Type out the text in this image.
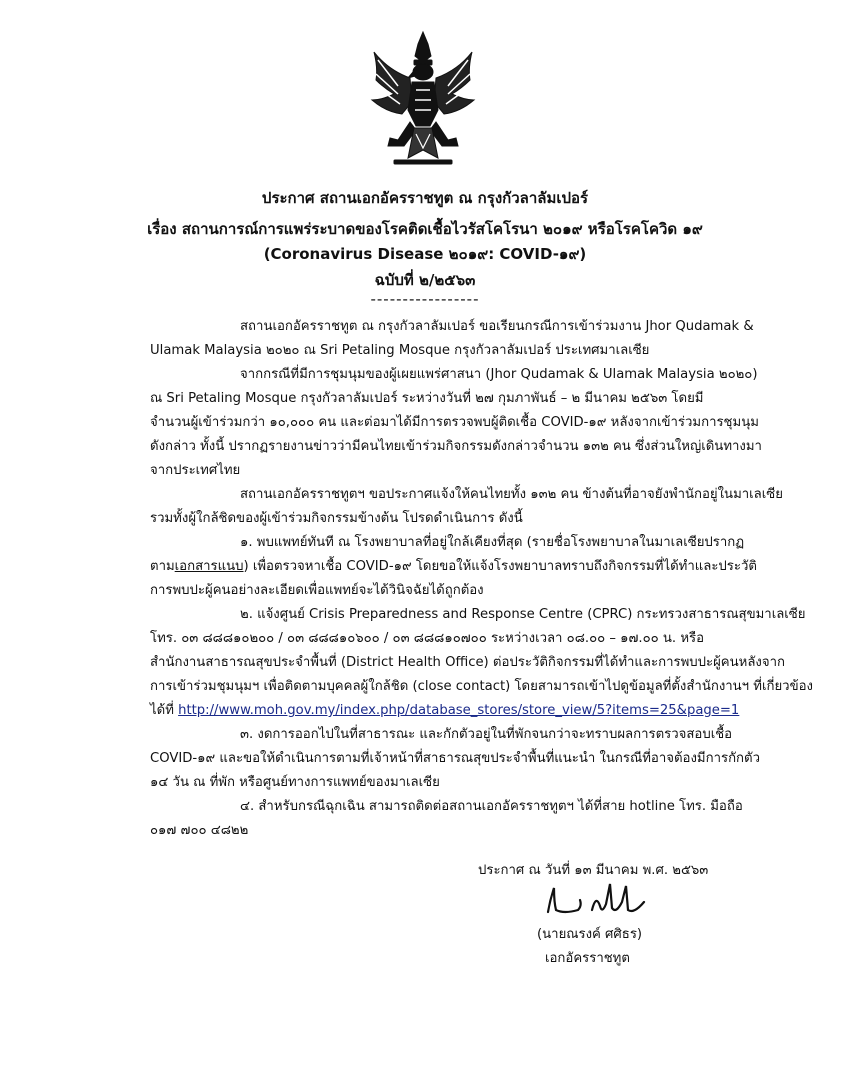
ประกาศ สถานเอกอัครราชทูต ณ กรุงกัวลาลัมเปอร์
เรื่อง สถานการณ์การแพร่ระบาดของโรคติดเชื้อไวรัสโคโรนา ๒๐๑๙ หรือโรคโควิด ๑๙
(Coronavirus Disease ๒๐๑๙: COVID-๑๙)
ฉบับที่ ๒/๒๕๖๓
-----------------
สถานเอกอัครราชทูต ณ กรุงกัวลาลัมเปอร์ ขอเรียนกรณีการเข้าร่วมงาน Jhor Qudamak &
Ulamak Malaysia ๒๐๒๐ ณ Sri Petaling Mosque กรุงกัวลาลัมเปอร์ ประเทศมาเลเซีย
จากกรณีที่มีการชุมนุมของผู้เผยแพร่ศาสนา (Jhor Qudamak & Ulamak Malaysia ๒๐๒๐)
ณ Sri Petaling Mosque กรุงกัวลาลัมเปอร์ ระหว่างวันที่ ๒๗ กุมภาพันธ์ – ๒ มีนาคม ๒๕๖๓ โดยมี
จำนวนผู้เข้าร่วมกว่า ๑๐,๐๐๐ คน และต่อมาได้มีการตรวจพบผู้ติดเชื้อ COVID-๑๙ หลังจากเข้าร่วมการชุมนุม
ดังกล่าว ทั้งนี้ ปรากฏรายงานข่าวว่ามีคนไทยเข้าร่วมกิจกรรมดังกล่าวจำนวน ๑๓๒ คน ซึ่งส่วนใหญ่เดินทางมา
จากประเทศไทย
สถานเอกอัครราชทูตฯ ขอประกาศแจ้งให้คนไทยทั้ง ๑๓๒ คน ข้างต้นที่อาจยังพำนักอยู่ในมาเลเซีย
รวมทั้งผู้ใกล้ชิดของผู้เข้าร่วมกิจกรรมข้างต้น โปรดดำเนินการ ดังนี้
๑. พบแพทย์ทันที ณ โรงพยาบาลที่อยู่ใกล้เคียงที่สุด (รายชื่อโรงพยาบาลในมาเลเซียปรากฏ
ตามเอกสารแนบ) เพื่อตรวจหาเชื้อ COVID-๑๙ โดยขอให้แจ้งโรงพยาบาลทราบถึงกิจกรรมที่ได้ทำและประวัติ
การพบปะผู้คนอย่างละเอียดเพื่อแพทย์จะได้วินิจฉัยได้ถูกต้อง
๒. แจ้งศูนย์ Crisis Preparedness and Response Centre (CPRC) กระทรวงสาธารณสุขมาเลเซีย
โทร. ๐๓ ๘๘๘๑๐๒๐๐ / ๐๓ ๘๘๘๑๐๖๐๐ / ๐๓ ๘๘๘๑๐๗๐๐ ระหว่างเวลา ๐๘.๐๐ – ๑๗.๐๐ น. หรือ
สำนักงานสาธารณสุขประจำพื้นที่ (District Health Office) ต่อประวัติกิจกรรมที่ได้ทำและการพบปะผู้คนหลังจาก
การเข้าร่วมชุมนุมฯ เพื่อติดตามบุคคลผู้ใกล้ชิด (close contact) โดยสามารถเข้าไปดูข้อมูลที่ตั้งสำนักงานฯ ที่เกี่ยวข้อง
ได้ที่ http://www.moh.gov.my/index.php/database_stores/store_view/5?items=25&page=1
๓. งดการออกไปในที่สาธารณะ และกักตัวอยู่ในที่พักจนกว่าจะทราบผลการตรวจสอบเชื้อ
COVID-๑๙ และขอให้ดำเนินการตามที่เจ้าหน้าที่สาธารณสุขประจำพื้นที่แนะนำ ในกรณีที่อาจต้องมีการกักตัว
๑๔ วัน ณ ที่พัก หรือศูนย์ทางการแพทย์ของมาเลเซีย
๔. สำหรับกรณีฉุกเฉิน สามารถติดต่อสถานเอกอัครราชทูตฯ ได้ที่สาย hotline โทร. มือถือ
๐๑๗ ๗๐๐ ๔๘๒๒
ประกาศ ณ วันที่ ๑๓ มีนาคม พ.ศ. ๒๕๖๓
(นายณรงค์ ศศิธร)
เอกอัครราชทูต
